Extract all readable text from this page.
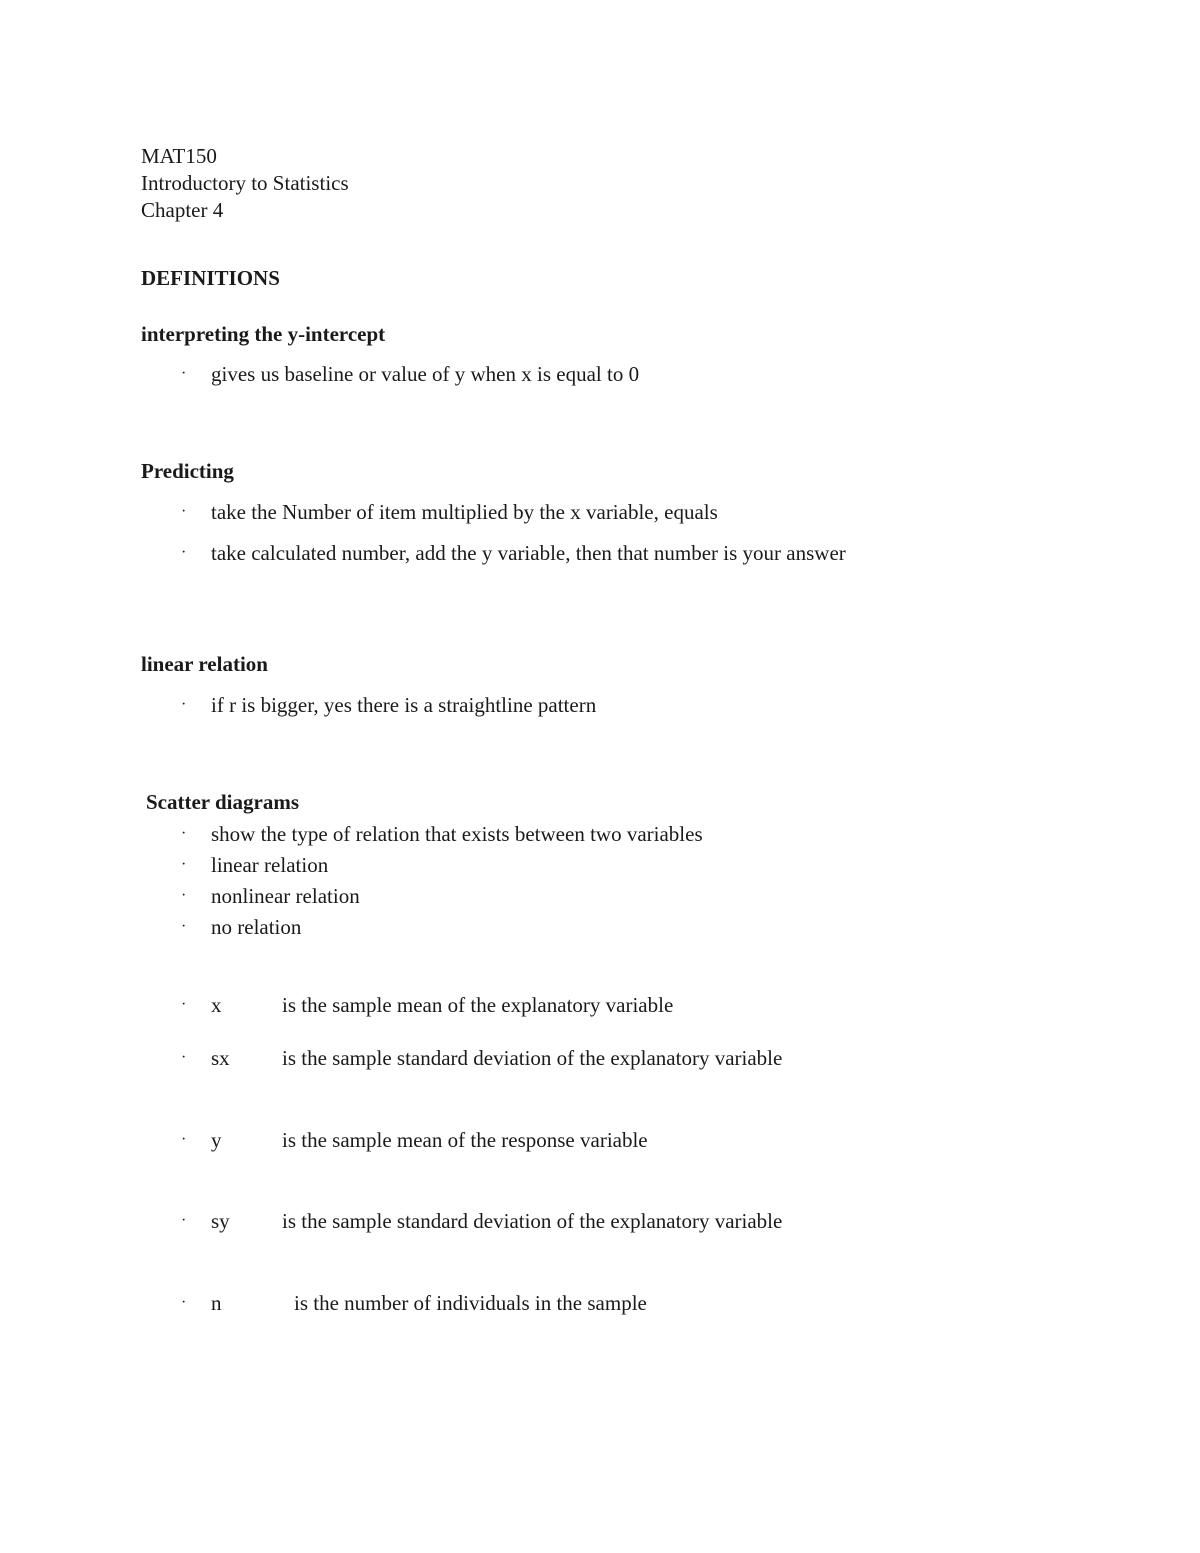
MAT150
Introductory to Statistics
Chapter 4
DEFINITIONS
interpreting the y-intercept
· gives us baseline or value of y when x is equal to 0
Predicting
· take the Number of item multiplied by the x variable, equals
· take calculated number, add the y variable, then that number is your answer
linear relation
· if r is bigger, yes there is a straightline pattern
Scatter diagrams
· show the type of relation that exists between two variables
· linear relation
· nonlinear relation
· no relation
· x	is the sample mean of the explanatory variable
· sx is the sample standard deviation of the explanatory variable
· y	is the sample mean of the response variable
· sy is the sample standard deviation of the explanatory variable
· n	is the number of individuals in the sample
